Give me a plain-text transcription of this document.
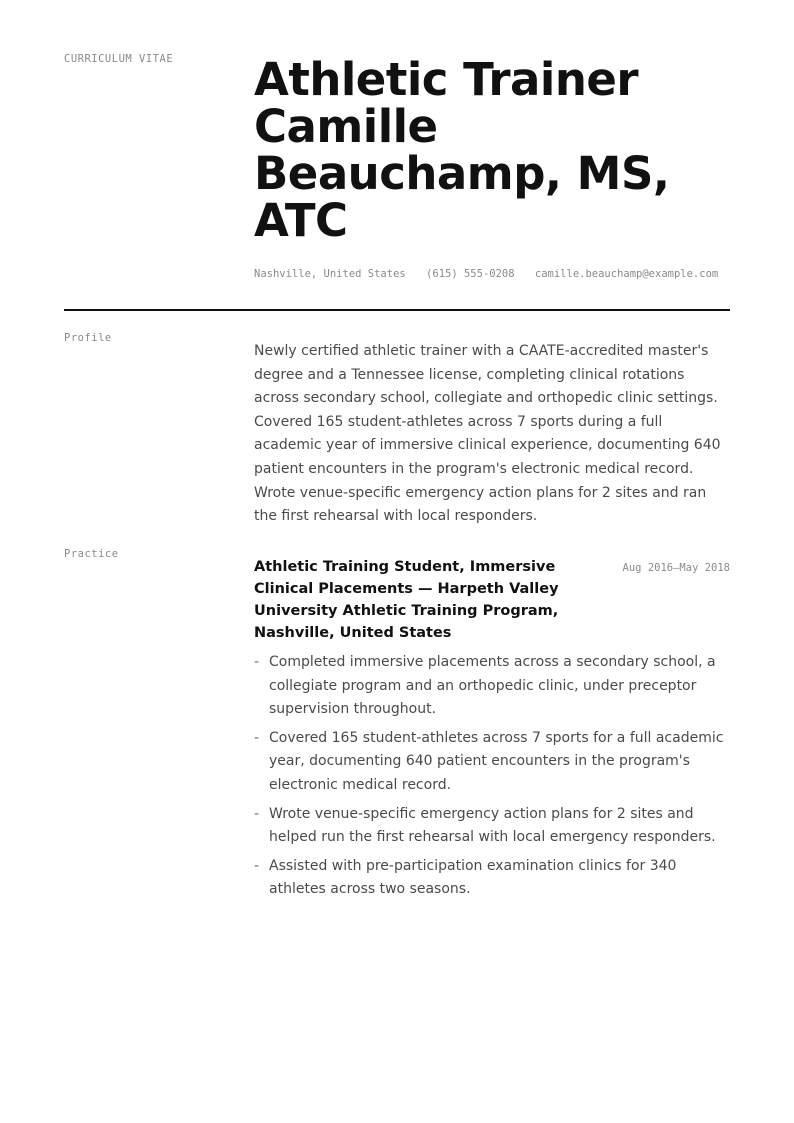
CURRICULUM VITAE Athletic Trainer
Camille
Beauchamp, MS,
ATC
Nashville, United States (615) 555-0208 camille.beauchamp@example.com
Profile
Newly certified athletic trainer with a CAATE-accredited master's degree and a Tennessee license, completing clinical rotations across secondary school, collegiate and orthopedic clinic settings. Covered 165 student-athletes across 7 sports during a full academic year of immersive clinical experience, documenting 640 patient encounters in the program's electronic medical record. Wrote venue-specific emergency action plans for 2 sites and ran the first rehearsal with local responders.
Practice
Athletic Training Student, Immersive Clinical Placements — Harpeth Valley University Athletic Training Program, Nashville, United States
Aug 2016–May 2018
- Completed immersive placements across a secondary school, a collegiate program and an orthopedic clinic, under preceptor supervision throughout.
- Covered 165 student-athletes across 7 sports for a full academic year, documenting 640 patient encounters in the program's electronic medical record.
- Wrote venue-specific emergency action plans for 2 sites and helped run the first rehearsal with local emergency responders.
- Assisted with pre-participation examination clinics for 340 athletes across two seasons.
